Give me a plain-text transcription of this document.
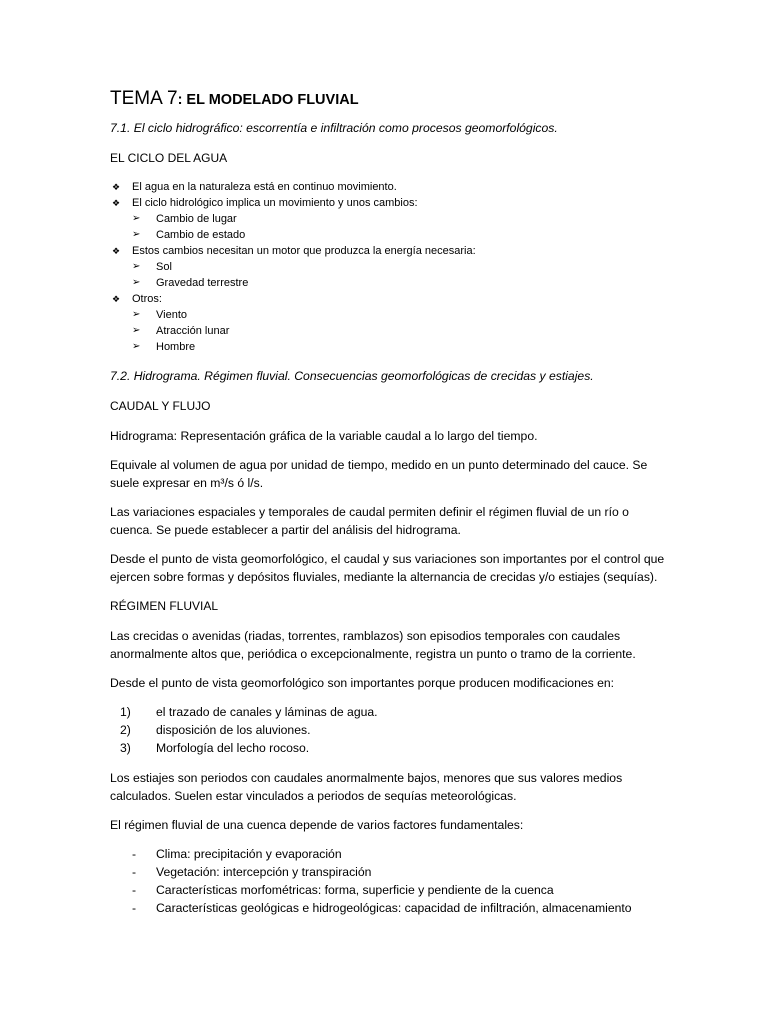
TEMA 7: EL MODELADO FLUVIAL

7.1. El ciclo hidrográfico: escorrentía e infiltración como procesos geomorfológicos.

EL CICLO DEL AGUA

❖ El agua en la naturaleza está en continuo movimiento.
❖ El ciclo hidrológico implica un movimiento y unos cambios:
➢ Cambio de lugar
➢ Cambio de estado
❖ Estos cambios necesitan un motor que produzca la energía necesaria:
➢ Sol
➢ Gravedad terrestre
❖ Otros:
➢ Viento
➢ Atracción lunar
➢ Hombre

7.2. Hidrograma. Régimen fluvial. Consecuencias geomorfológicas de crecidas y estiajes.

CAUDAL Y FLUJO

Hidrograma: Representación gráfica de la variable caudal a lo largo del tiempo.

Equivale al volumen de agua por unidad de tiempo, medido en un punto determinado del cauce. Se suele expresar en m³/s ó l/s.

Las variaciones espaciales y temporales de caudal permiten definir el régimen fluvial de un río o cuenca. Se puede establecer a partir del análisis del hidrograma.

Desde el punto de vista geomorfológico, el caudal y sus variaciones son importantes por el control que ejercen sobre formas y depósitos fluviales, mediante la alternancia de crecidas y/o estiajes (sequías).

RÉGIMEN FLUVIAL

Las crecidas o avenidas (riadas, torrentes, ramblazos) son episodios temporales con caudales anormalmente altos que, periódica o excepcionalmente, registra un punto o tramo de la corriente.

Desde el punto de vista geomorfológico son importantes porque producen modificaciones en:

1)	el trazado de canales y láminas de agua.
2)	disposición de los aluviones.
3)	Morfología del lecho rocoso.

Los estiajes son periodos con caudales anormalmente bajos, menores que sus valores medios calculados. Suelen estar vinculados a periodos de sequías meteorológicas.

El régimen fluvial de una cuenca depende de varios factores fundamentales:

-	Clima: precipitación y evaporación
-	Vegetación: intercepción y transpiración
-	Características morfométricas: forma, superficie y pendiente de la cuenca
-	Características geológicas e hidrogeológicas: capacidad de infiltración, almacenamiento
